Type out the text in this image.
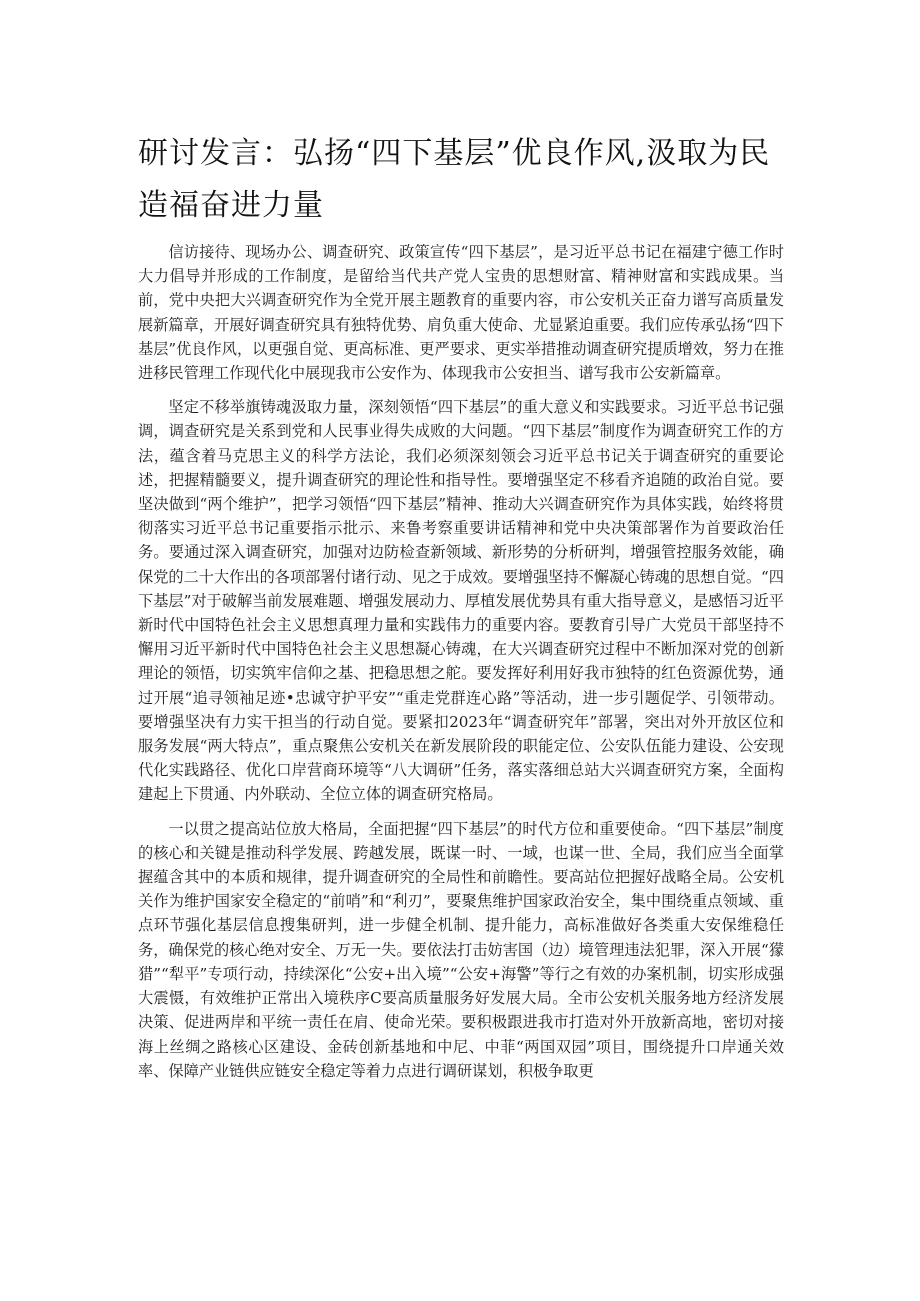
研讨发言：弘扬“四下基层”优良作风,汲取为民造福奋进力量

信访接待、现场办公、调查研究、政策宣传“四下基层”，是习近平总书记在福建宁德工作时大力倡导并形成的工作制度，是留给当代共产党人宝贵的思想财富、精神财富和实践成果。当前，党中央把大兴调查研究作为全党开展主题教育的重要内容，市公安机关正奋力谱写高质量发展新篇章，开展好调查研究具有独特优势、肩负重大使命、尤显紧迫重要。我们应传承弘扬“四下基层”优良作风，以更强自觉、更高标准、更严要求、更实举措推动调查研究提质增效，努力在推进移民管理工作现代化中展现我市公安作为、体现我市公安担当、谱写我市公安新篇章。

坚定不移举旗铸魂汲取力量，深刻领悟“四下基层”的重大意义和实践要求。习近平总书记强调，调查研究是关系到党和人民事业得失成败的大问题。“四下基层”制度作为调查研究工作的方法，蕴含着马克思主义的科学方法论，我们必须深刻领会习近平总书记关于调查研究的重要论述，把握精髓要义，提升调查研究的理论性和指导性。要增强坚定不移看齐追随的政治自觉。要坚决做到“两个维护”，把学习领悟“四下基层”精神、推动大兴调查研究作为具体实践，始终将贯彻落实习近平总书记重要指示批示、来鲁考察重要讲话精神和党中央决策部署作为首要政治任务。要通过深入调查研究，加强对边防检查新领域、新形势的分析研判，增强管控服务效能，确保党的二十大作出的各项部署付诸行动、见之于成效。要增强坚持不懈凝心铸魂的思想自觉。“四下基层”对于破解当前发展难题、增强发展动力、厚植发展优势具有重大指导意义，是感悟习近平新时代中国特色社会主义思想真理力量和实践伟力的重要内容。要教育引导广大党员干部坚持不懈用习近平新时代中国特色社会主义思想凝心铸魂，在大兴调查研究过程中不断加深对党的创新理论的领悟，切实筑牢信仰之基、把稳思想之舵。要发挥好利用好我市独特的红色资源优势，通过开展“追寻领袖足迹•忠诚守护平安”“重走党群连心路”等活动，进一步引题促学、引领带动。要增强坚决有力实干担当的行动自觉。要紧扣2023年“调查研究年”部署，突出对外开放区位和服务发展“两大特点”，重点聚焦公安机关在新发展阶段的职能定位、公安队伍能力建设、公安现代化实践路径、优化口岸营商环境等“八大调研”任务，落实落细总站大兴调查研究方案，全面构建起上下贯通、内外联动、全位立体的调查研究格局。

一以贯之提高站位放大格局，全面把握“四下基层”的时代方位和重要使命。“四下基层”制度的核心和关键是推动科学发展、跨越发展，既谋一时、一域，也谋一世、全局，我们应当全面掌握蕴含其中的本质和规律，提升调查研究的全局性和前瞻性。要高站位把握好战略全局。公安机关作为维护国家安全稳定的“前哨”和“利刃”，要聚焦维护国家政治安全，集中围绕重点领域、重点环节强化基层信息搜集研判，进一步健全机制、提升能力，高标准做好各类重大安保维稳任务，确保党的核心绝对安全、万无一失。要依法打击妨害国（边）境管理违法犯罪，深入开展“獴猎”“犁平”专项行动，持续深化“公安+出入境”“公安+海警”等行之有效的办案机制，切实形成强大震慑，有效维护正常出入境秩序C要高质量服务好发展大局。全市公安机关服务地方经济发展决策、促进两岸和平统一责任在肩、使命光荣。要积极跟进我市打造对外开放新高地，密切对接海上丝绸之路核心区建设、金砖创新基地和中尼、中菲“两国双园”项目，围绕提升口岸通关效率、保障产业链供应链安全稳定等着力点进行调研谋划，积极争取更
